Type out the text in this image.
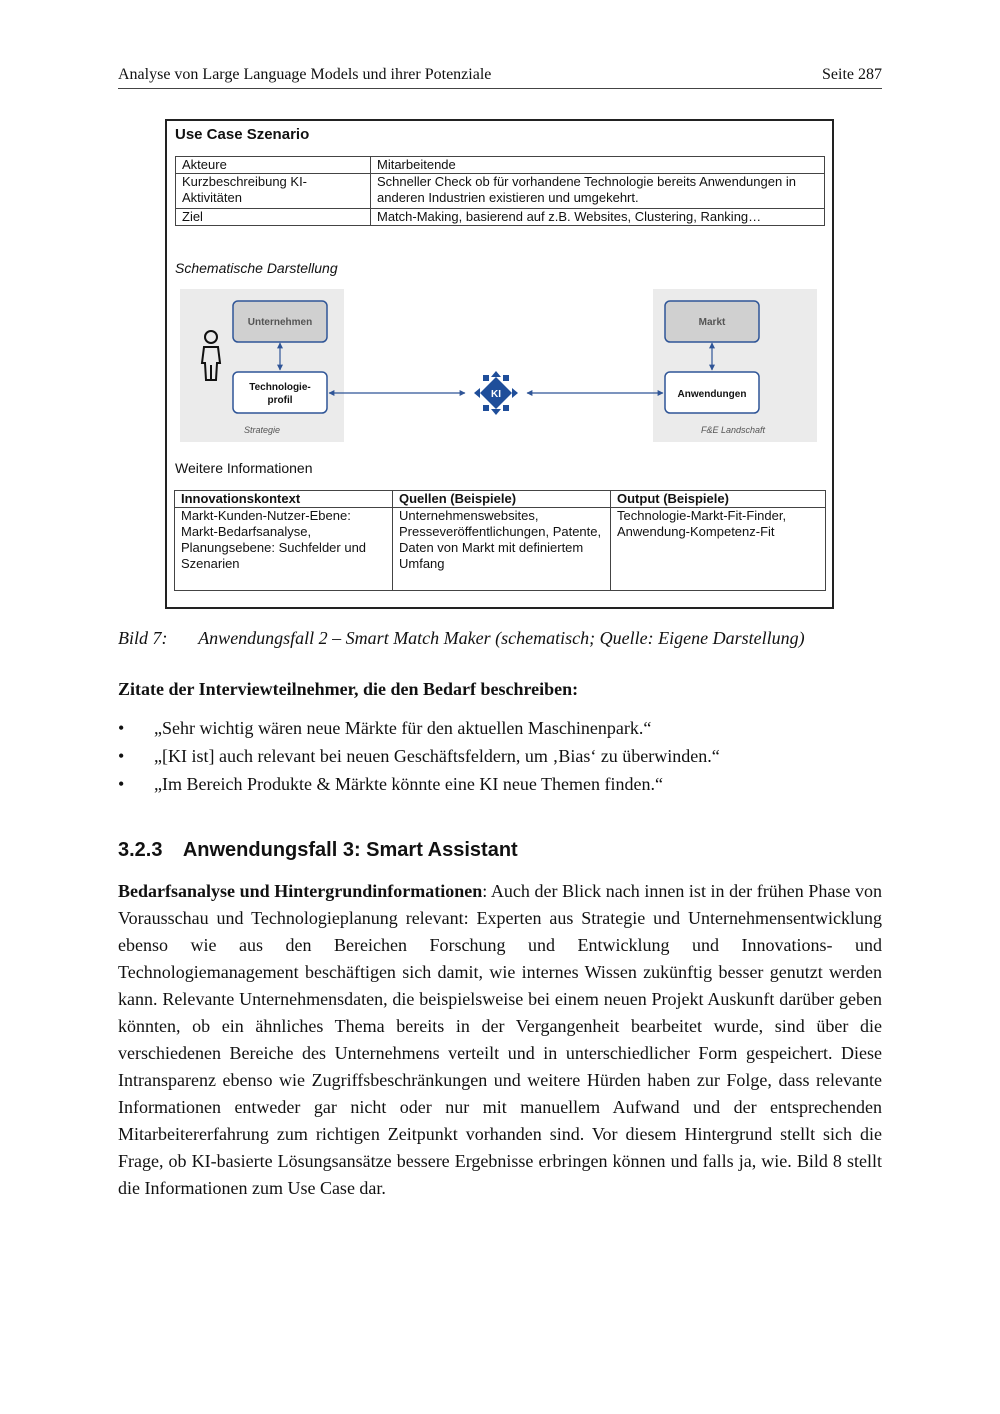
Analyse von Large Language Models und ihrer Potenziale	Seite 287
Use Case Szenario
Akteure	Mitarbeitende
Kurzbeschreibung KI-Aktivitäten	Schneller Check ob für vorhandene Technologie bereits Anwendungen in anderen Industrien existieren und umgekehrt.
Ziel	Match-Making, basierend auf z.B. Websites, Clustering, Ranking…
Schematische Darstellung
Unternehmen
Technologie-
profil
Strategie
KI
Markt
Anwendungen
F&E Landschaft
Weitere Informationen
Innovationskontext	Quellen (Beispiele)	Output (Beispiele)
Markt-Kunden-Nutzer-Ebene: Markt-Bedarfsanalyse, Planungsebene: Suchfelder und Szenarien	Unternehmenswebsites, Presseveröffentlichungen, Patente, Daten von Markt mit definiertem Umfang	Technologie-Markt-Fit-Finder, Anwendung-Kompetenz-Fit
Bild 7: Anwendungsfall 2 – Smart Match Maker (schematisch; Quelle: Eigene Darstellung)
Zitate der Interviewteilnehmer, die den Bedarf beschreiben:
• „Sehr wichtig wären neue Märkte für den aktuellen Maschinenpark.“
• „[KI ist] auch relevant bei neuen Geschäftsfeldern, um ‚Bias‘ zu überwinden.“
• „Im Bereich Produkte & Märkte könnte eine KI neue Themen finden.“
3.2.3 Anwendungsfall 3: Smart Assistant

Bedarfsanalyse und Hintergrundinformationen: Auch der Blick nach innen ist in der frühen Phase von Vorausschau und Technologieplanung relevant: Experten aus Strategie und Unternehmensentwicklung ebenso wie aus den Bereichen Forschung und Entwicklung und Innovations- und Technologiemanagement beschäftigen sich damit, wie internes Wissen zukünftig besser genutzt werden kann. Relevante Unternehmensdaten, die beispielsweise bei einem neuen Projekt Auskunft darüber geben könnten, ob ein ähnliches Thema bereits in der Vergangenheit bearbeitet wurde, sind über die verschiedenen Bereiche des Unternehmens verteilt und in unterschiedlicher Form gespeichert. Diese Intransparenz ebenso wie Zugriffsbeschränkungen und weitere Hürden haben zur Folge, dass relevante Informationen entweder gar nicht oder nur mit manuellem Aufwand und der entsprechenden Mitarbeitererfahrung zum richtigen Zeitpunkt vorhanden sind. Vor diesem Hintergrund stellt sich die Frage, ob KI-basierte Lösungsansätze bessere Ergebnisse erbringen können und falls ja, wie. Bild 8 stellt die Informationen zum Use Case dar.
